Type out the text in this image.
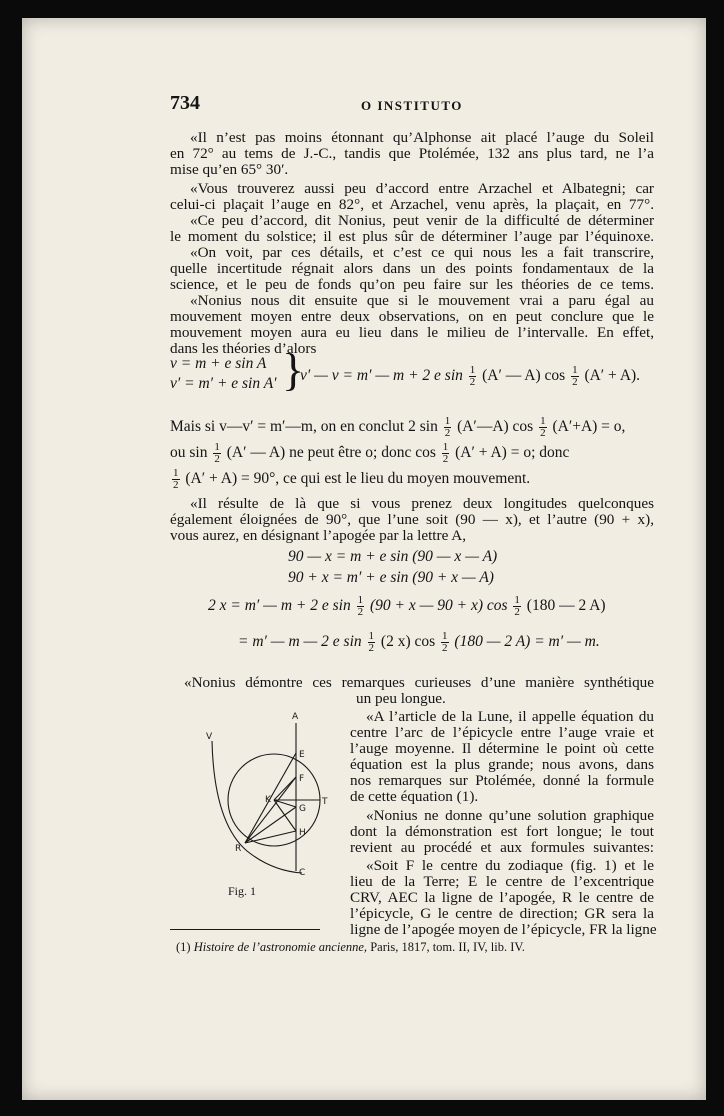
734	O INSTITUTO
«Il n’est pas moins étonnant qu’Alphonse ait placé l’auge du Soleil
en 72° au tems de J.-C., tandis que Ptolémée, 132 ans plus tard, ne l’a
mise qu’en 65° 30′.
«Vous trouverez aussi peu d’accord entre Arzachel et Albategni; car
celui-ci plaçait l’auge en 82°, et Arzachel, venu après, la plaçait, en 77°.
«Ce peu d’accord, dit Nonius, peut venir de la difficulté de déterminer
le moment du solstice; il est plus sûr de déterminer l’auge par l’équinoxe.
«On voit, par ces détails, et c’est ce qui nous les a fait transcrire,
quelle incertitude régnait alors dans un des points fondamentaux de la
science, et le peu de fonds qu’on peu faire sur les théories de ce tems.
«Nonius nous dit ensuite que si le mouvement vrai a paru égal au
mouvement moyen entre deux observations, on en peut conclure que le
mouvement moyen aura eu lieu dans le milieu de l’intervalle. En effet,
dans les théories d’alors
v = m + e sin A
v′ = m′ + e sin A′ }
v′ — v = m′ — m + 2 e $\sin \frac{1}{2} (A'$ — A) $\cos \frac{1}{2} (A' + A)$.
Mais si v—v′ = m′—m, on en conclut 2 $\sin \frac{1}{2}$ (A′—A) $\cos \frac{1}{2} (A'+A) = o$,
ou $\sin \frac{1}{2} (A'$ — A) ne peut être o; donc $\cos \frac{1}{2} (A' + A) = o$; donc
$\frac{1}{2} (A' + A) = 90^\circ$, ce qui est le lieu du moyen mouvement.
«Il résulte de là que si vous prenez deux longitudes quelconques
également éloignées de 90°, que l’une soit (90 — x), et l’autre (90 + x),
vous aurez, en désignant l’apogée par la lettre A,
90 — x = m + e sin (90 — x — A)
90 + x = m′ + e sin (90 + x — A)
2 x = m′ — m + 2 e $\sin \frac{1}{2} (90 + x$ — 90 + x) $\cos \frac{1}{2} (180$ — 2 A)
= m′ — m — 2 e $\sin \frac{1}{2} (2$ x) $\cos \frac{1}{2} (180$ — 2 A) = m′ — m.
«Nonius démontre ces remarques curieuses d’une manière synthétique
un peu longue.
«A l’article de la Lune, il appelle équation du
centre l’arc de l’épicycle entre l’auge vraie et
l’auge moyenne. Il détermine le point où cette
équation est la plus grande; nous avons, dans
nos remarques sur Ptolémée, donné la formule
de cette équation (1).
«Nonius ne donne qu’une solution graphique
dont la démonstration est fort longue; le tout
revient au procédé et aux formules suivantes:
«Soit F le centre du zodiaque (fig. 1) et le
lieu de la Terre; E le centre de l’excentrique
CRV, AEC la ligne de l’apogée, R le centre de
l’épicycle, G le centre de direction; GR sera la
ligne de l’apogée moyen de l’épicycle, FR la ligne
A
V
E
F
K	T
G
H
R
C
Fig. 1
(1) Histoire de l’astronomie ancienne, Paris, 1817, tom. II, IV, lib. IV.
